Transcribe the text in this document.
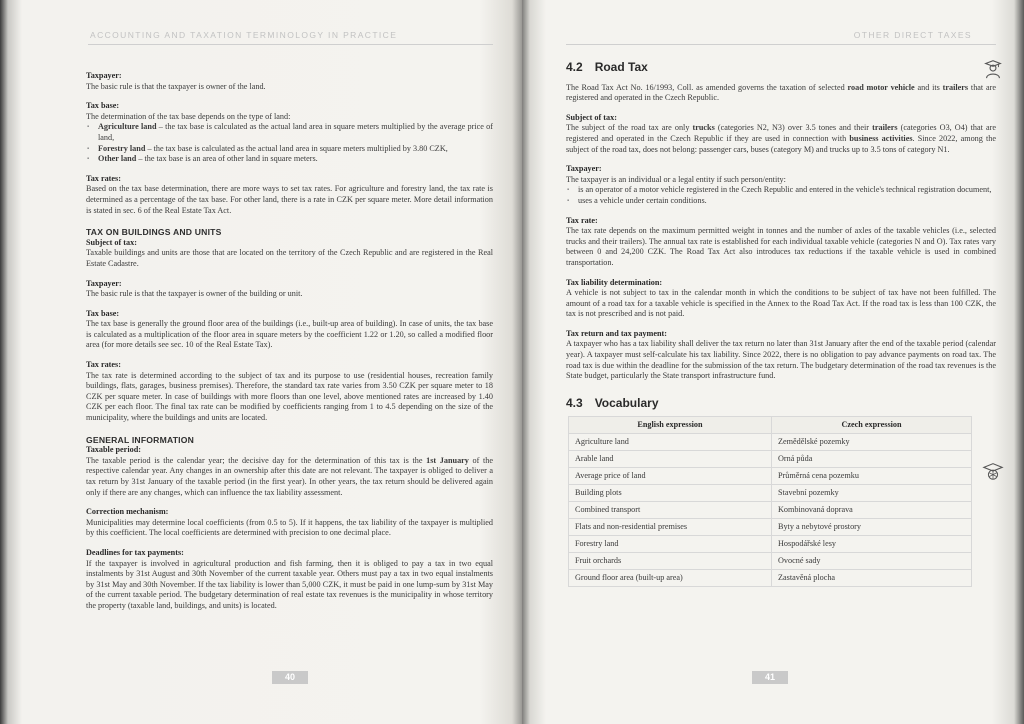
ACCOUNTING AND TAXATION TERMINOLOGY IN PRACTICE
Taxpayer:

The basic rule is that the taxpayer is owner of the land.

Tax base:

The determination of the tax base depends on the type of land:

▪ Agriculture land – the tax base is calculated as the actual land area in square meters multiplied by the average price of land,
▪ Forestry land – the tax base is calculated as the actual land area in square meters multiplied by 3.80 CZK,
▪ Other land – the tax base is an area of other land in square meters.
Tax rates:

Based on the tax base determination, there are more ways to set tax rates. For agriculture and forestry land, the tax rate is determined as a percentage of the tax base. For other land, there is a rate in CZK per square meter. More detail information is stated in sec. 6 of the Real Estate Tax Act.

TAX ON BUILDINGS AND UNITS
Subject of tax:

Taxable buildings and units are those that are located on the territory of the Czech Republic and are registered in the Real Estate Cadastre.

Taxpayer:

The basic rule is that the taxpayer is owner of the building or unit.

Tax base:

The tax base is generally the ground floor area of the buildings (i.e., built-up area of building). In case of units, the tax base is calculated as a multiplication of the floor area in square meters by the coefficient 1.22 or 1.20, so called a modified floor area (for more details see sec. 10 of the Real Estate Tax).

Tax rates:

The tax rate is determined according to the subject of tax and its purpose to use (residential houses, recreation family buildings, flats, garages, business premises). Therefore, the standard tax rate varies from 3.50 CZK per square meter to 18 CZK per square meter. In case of buildings with more floors than one level, above mentioned rates are increased by 1.40 CZK per each floor. The final tax rate can be modified by coefficients ranging from 1 to 4.5 depending on the size of the municipality, where the buildings and units are located.

GENERAL INFORMATION
Taxable period:

The taxable period is the calendar year; the decisive day for the determination of this tax is the 1st January of the respective calendar year. Any changes in an ownership after this date are not relevant. The taxpayer is obliged to deliver a tax return by 31st January of the taxable period (in the first year). In other years, the tax return should be delivered again only if there are any changes, which can influence the tax liability assessment.

Correction mechanism:

Municipalities may determine local coefficients (from 0.5 to 5). If it happens, the tax liability of the taxpayer is multiplied by this coefficient. The local coefficients are determined with precision to one decimal place.

Deadlines for tax payments:

If the taxpayer is involved in agricultural production and fish farming, then it is obliged to pay a tax in two equal instalments by 31st August and 30th November of the current taxable year. Others must pay a tax in two equal instalments by 31st May and 30th November. If the tax liability is lower than 5,000 CZK, it must be paid in one lump-sum by 31st May of the current taxable period. The budgetary determination of real estate tax revenues is the municipality in whose territory the property (taxable land, buildings, and units) is located.

40
OTHER DIRECT TAXES
4.2 Road Tax

The Road Tax Act No. 16/1993, Coll. as amended governs the taxation of selected road motor vehicle and its trailers that are registered and operated in the Czech Republic.

Subject of tax:

The subject of the road tax are only trucks (categories N2, N3) over 3.5 tones and their trailers (categories O3, O4) that are registered and operated in the Czech Republic if they are used in connection with business activities. Since 2022, among the subject of the road tax, does not belong: passenger cars, buses (category M) and trucks up to 3.5 tons of category N1.

Taxpayer:

The taxpayer is an individual or a legal entity if such person/entity:

▪ is an operator of a motor vehicle registered in the Czech Republic and entered in the vehicle's technical registration document,
▪ uses a vehicle under certain conditions.
Tax rate:

The tax rate depends on the maximum permitted weight in tonnes and the number of axles of the taxable vehicles (i.e., selected trucks and their trailers). The annual tax rate is established for each individual taxable vehicle (categories N and O). Tax rates vary between 0 and 24,200 CZK. The Road Tax Act also introduces tax reductions if the taxable vehicle is used in combined transportation.

Tax liability determination:

A vehicle is not subject to tax in the calendar month in which the conditions to be subject of tax have not been fulfilled. The amount of a road tax for a taxable vehicle is specified in the Annex to the Road Tax Act. If the road tax is less than 100 CZK, the tax is not prescribed and is not paid.

Tax return and tax payment:

A taxpayer who has a tax liability shall deliver the tax return no later than 31st January after the end of the taxable period (calendar year). A taxpayer must self-calculate his tax liability. Since 2022, there is no obligation to pay advance payments on road tax. The road tax is due within the deadline for the submission of the tax return. The budgetary determination of the road tax revenues is the State budget, particularly the State transport infrastructure fund.

4.3 Vocabulary
English expression	Czech expression
Agriculture land	Zemědělské pozemky
Arable land	Orná půda
Average price of land	Průměrná cena pozemku
Building plots	Stavební pozemky
Combined transport	Kombinovaná doprava
Flats and non-residential premises	Byty a nebytové prostory
Forestry land	Hospodářské lesy
Fruit orchards	Ovocné sady
Ground floor area (built-up area)	Zastavěná plocha
41
